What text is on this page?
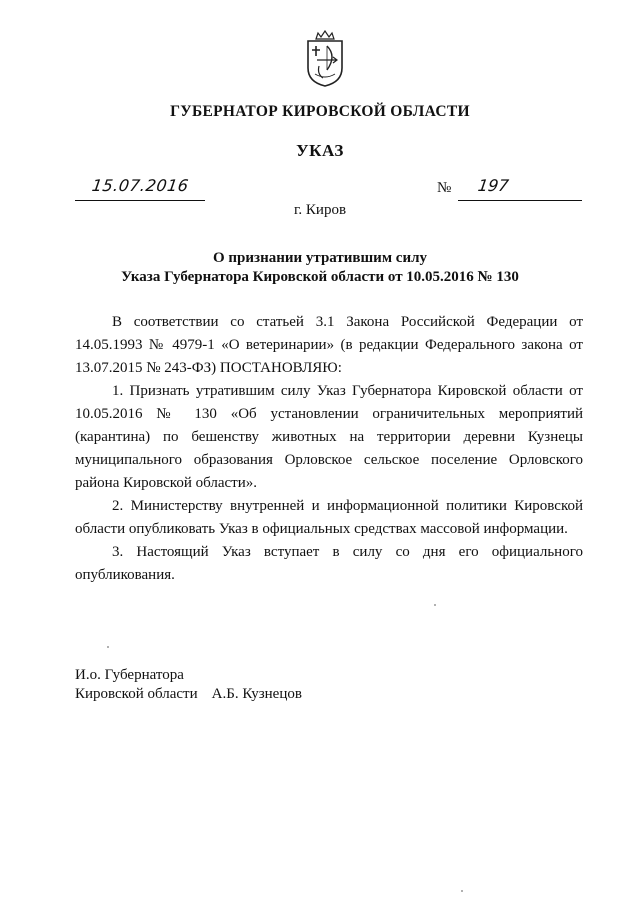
ГУБЕРНАТОР КИРОВСКОЙ ОБЛАСТИ
УКАЗ
15.07.2016	№ 197
г. Киров
О признании утратившим силу
Указа Губернатора Кировской области от 10.05.2016 № 130

В соответствии со статьей 3.1 Закона Российской Федерации от 14.05.1993 № 4979-1 «О ветеринарии» (в редакции Федерального закона от 13.07.2015 № 243-ФЗ) ПОСТАНОВЛЯЮ:

1. Признать утратившим силу Указ Губернатора Кировской области от 10.05.2016 № 130 «Об установлении ограничительных мероприятий (карантина) по бешенству животных на территории деревни Кузнецы муниципального образования Орловское сельское поселение Орловского района Кировской области».

2. Министерству внутренней и информационной политики Кировской области опубликовать Указ в официальных средствах массовой информации.

3. Настоящий Указ вступает в силу со дня его официального опубликования.

И.о. Губернатора
Кировской области А.Б. Кузнецов
